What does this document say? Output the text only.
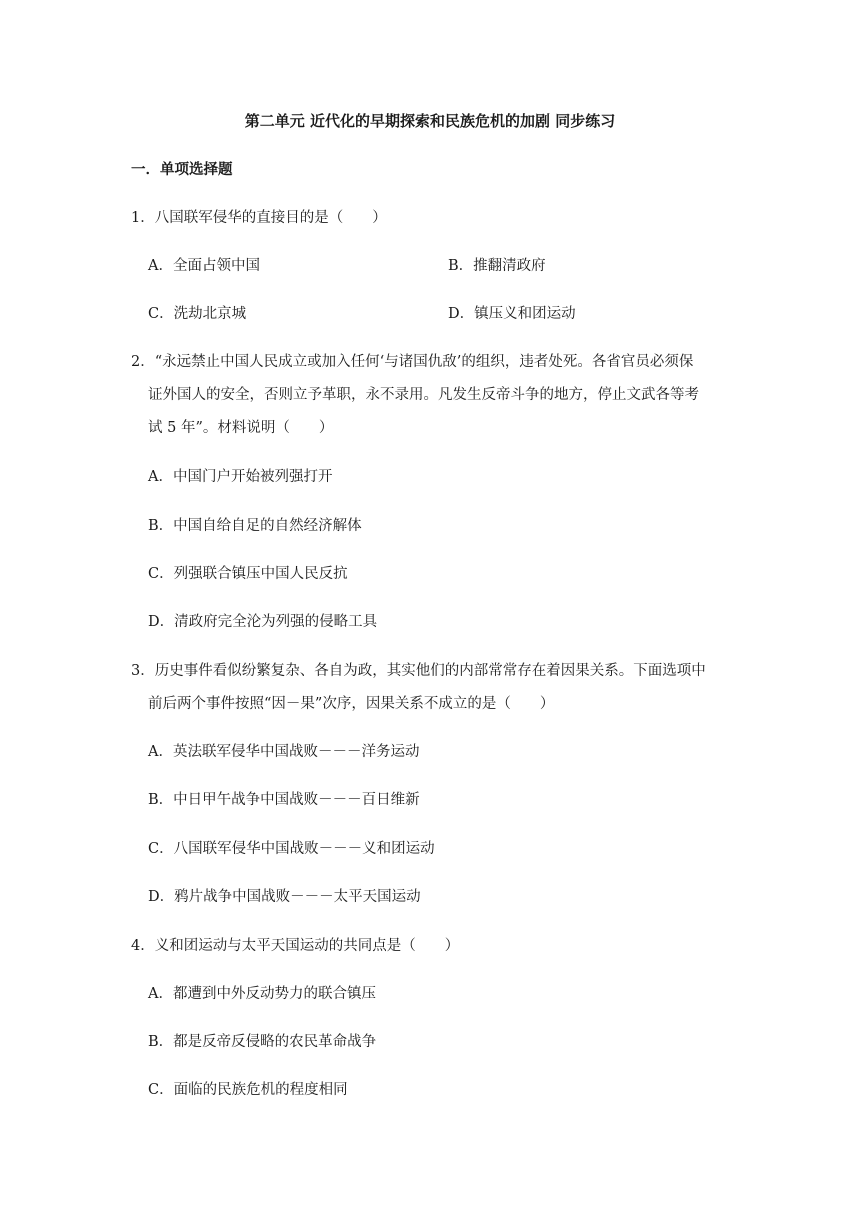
第二单元 近代化的早期探索和民族危机的加剧 同步练习
一．单项选择题
1．八国联军侵华的直接目的是（　　）
A．全面占领中国	B．推翻清政府
C．洗劫北京城	D．镇压义和团运动
2．“永远禁止中国人民成立或加入任何‘与诸国仇敌’的组织，违者处死。各省官员必须保
证外国人的安全，否则立予革职，永不录用。凡发生反帝斗争的地方，停止文武各等考
试 5 年”。材料说明（　　）
A．中国门户开始被列强打开
B．中国自给自足的自然经济解体
C．列强联合镇压中国人民反抗
D．清政府完全沦为列强的侵略工具
3．历史事件看似纷繁复杂、各自为政，其实他们的内部常常存在着因果关系。下面选项中
前后两个事件按照“因－果”次序，因果关系不成立的是（　　）
A．英法联军侵华中国战败－－－洋务运动
B．中日甲午战争中国战败－－－百日维新
C．八国联军侵华中国战败－－－义和团运动
D．鸦片战争中国战败－－－太平天国运动
4．义和团运动与太平天国运动的共同点是（　　）
A．都遭到中外反动势力的联合镇压
B．都是反帝反侵略的农民革命战争
C．面临的民族危机的程度相同
